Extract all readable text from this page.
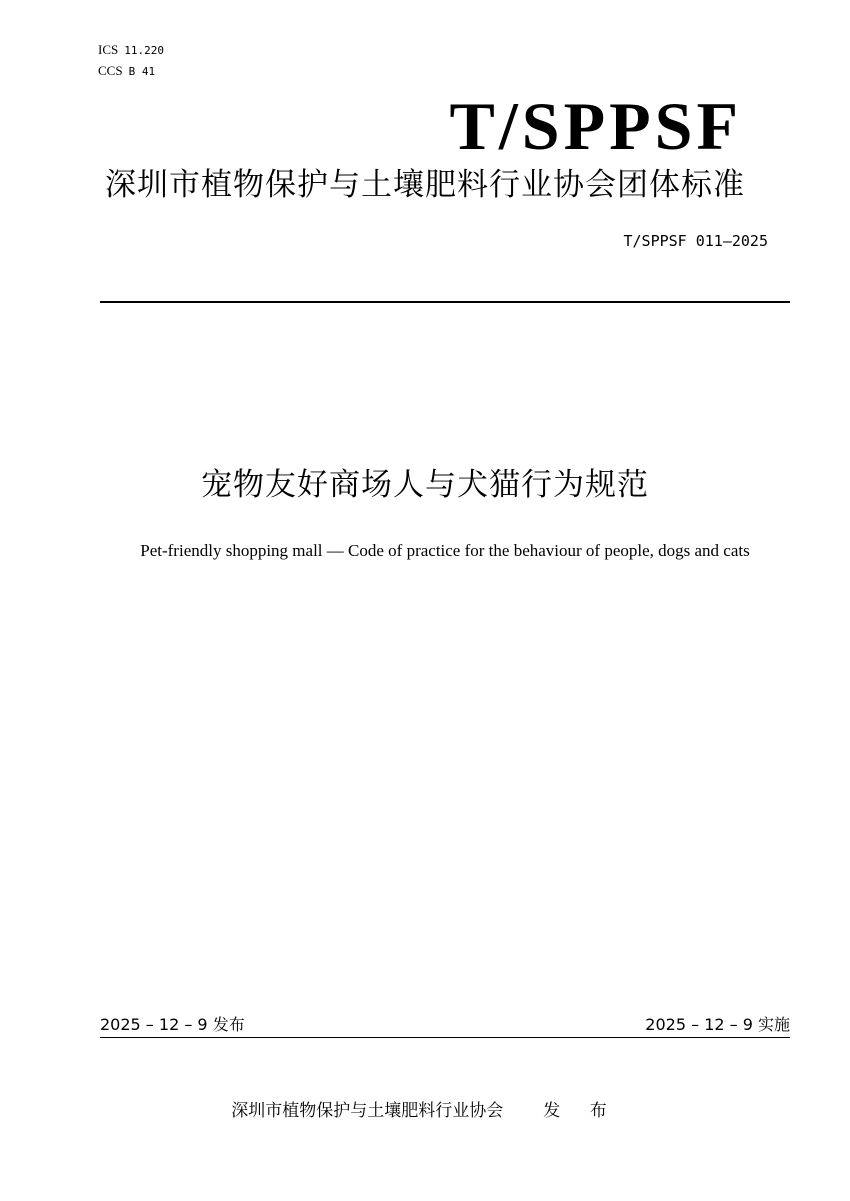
ICS 11.220
CCS B 41
T/SPPSF
深圳市植物保护与土壤肥料行业协会团体标准
T/SPPSF 011—2025
宠物友好商场人与犬猫行为规范
Pet-friendly shopping mall — Code of practice for the behaviour of people, dogs and cats
2025 – 12 – 9 发布	2025 – 12 – 9 实施
深圳市植物保护与土壤肥料行业协会 发 布
